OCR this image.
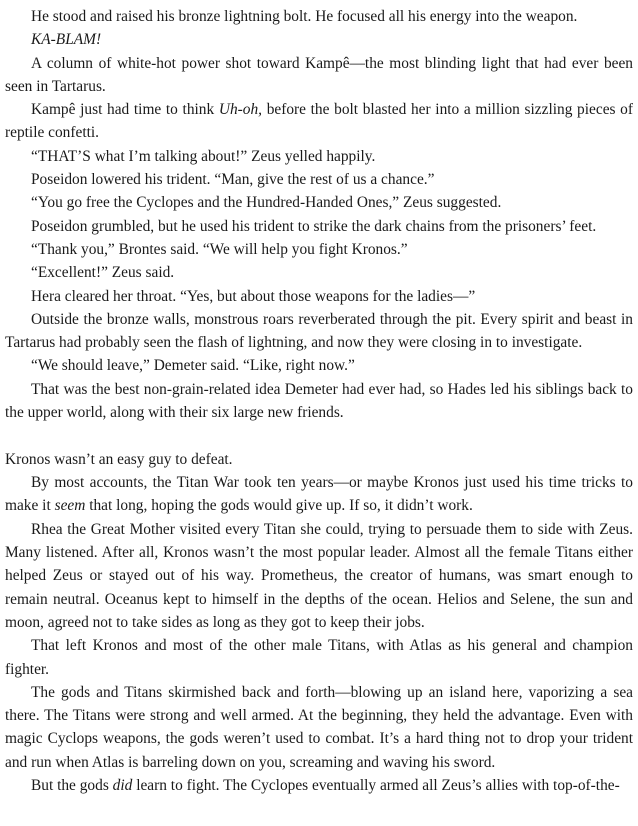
He stood and raised his bronze lightning bolt. He focused all his energy into the weapon.

KA-BLAM!

A column of white-hot power shot toward Kampê—the most blinding light that had ever been seen in Tartarus.

Kampê just had time to think Uh-oh, before the bolt blasted her into a million sizzling pieces of reptile confetti.

“THAT’S what I’m talking about!” Zeus yelled happily.

Poseidon lowered his trident. “Man, give the rest of us a chance.”

“You go free the Cyclopes and the Hundred-Handed Ones,” Zeus suggested.

Poseidon grumbled, but he used his trident to strike the dark chains from the prisoners’ feet.

“Thank you,” Brontes said. “We will help you fight Kronos.”

“Excellent!” Zeus said.

Hera cleared her throat. “Yes, but about those weapons for the ladies—”

Outside the bronze walls, monstrous roars reverberated through the pit. Every spirit and beast in Tartarus had probably seen the flash of lightning, and now they were closing in to investigate.

“We should leave,” Demeter said. “Like, right now.”

That was the best non-grain-related idea Demeter had ever had, so Hades led his siblings back to the upper world, along with their six large new friends.

Kronos wasn’t an easy guy to defeat.

By most accounts, the Titan War took ten years—or maybe Kronos just used his time tricks to make it seem that long, hoping the gods would give up. If so, it didn’t work.

Rhea the Great Mother visited every Titan she could, trying to persuade them to side with Zeus. Many listened. After all, Kronos wasn’t the most popular leader. Almost all the female Titans either helped Zeus or stayed out of his way. Prometheus, the creator of humans, was smart enough to remain neutral. Oceanus kept to himself in the depths of the ocean. Helios and Selene, the sun and moon, agreed not to take sides as long as they got to keep their jobs.

That left Kronos and most of the other male Titans, with Atlas as his general and champion fighter.

The gods and Titans skirmished back and forth—blowing up an island here, vaporizing a sea there. The Titans were strong and well armed. At the beginning, they held the advantage. Even with magic Cyclops weapons, the gods weren’t used to combat. It’s a hard thing not to drop your trident and run when Atlas is barreling down on you, screaming and waving his sword.

But the gods did learn to fight. The Cyclopes eventually armed all Zeus’s allies with top-of-the-
